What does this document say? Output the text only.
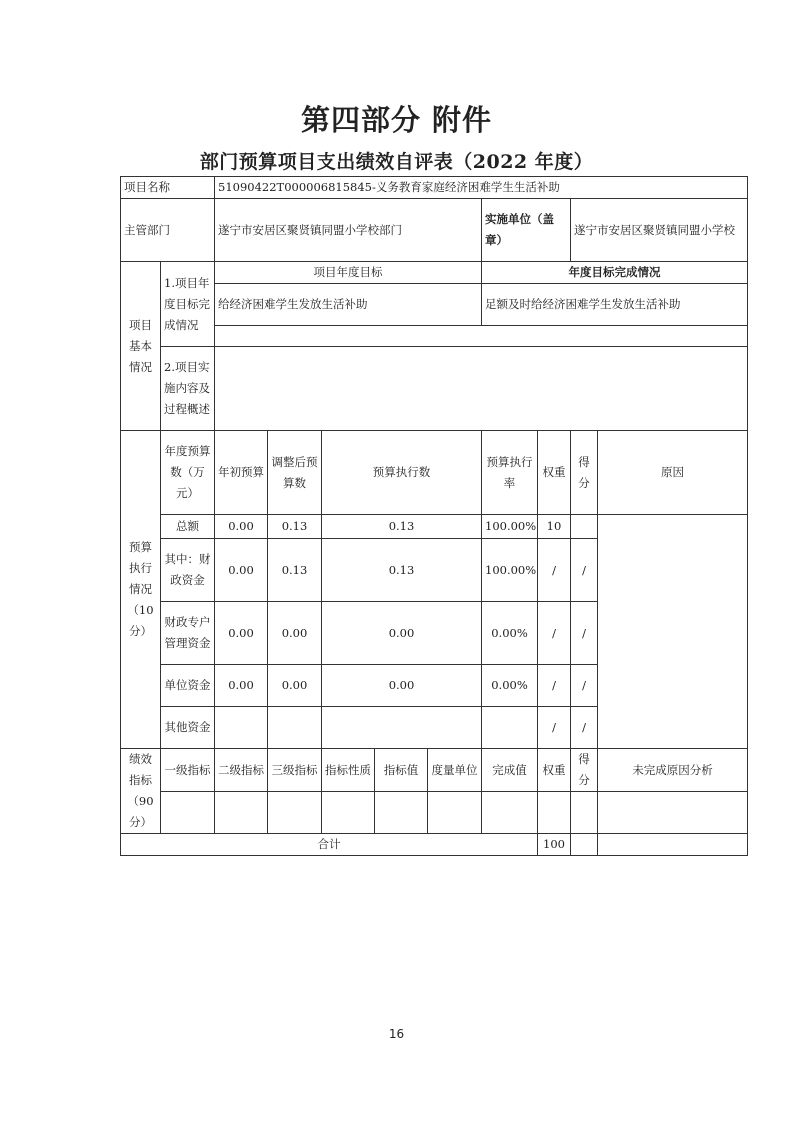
第四部分 附件
部门预算项目支出绩效自评表（2022 年度）
项目名称		51090422T000006815845-义务教育家庭经济困难学生生活补助								
主管部门		遂宁市安居区聚贤镇同盟小学校部门					实施单位（盖章）		遂宁市安居区聚贤镇同盟小学校	
项目基本情况	1.项目年度目标完成情况	项目年度目标					年度目标完成情况			
		给经济困难学生发放生活补助					足额及时给经济困难学生发放生活补助			

	2.项目实施内容及过程概述									
预算执行情况（10分）	年度预算数（万元）	年初预算	调整后预算数	预算执行数			预算执行率	权重	得分	原因
	总额	0.00	0.13	0.13			100.00%	10		
	其中：财政资金	0.00	0.13	0.13			100.00%	/	/	
	财政专户管理资金	0.00	0.00	0.00			0.00%	/	/	
	单位资金	0.00	0.00	0.00			0.00%	/	/	
	其他资金							/	/	
绩效指标（90分）	一级指标	二级指标	三级指标	指标性质	指标值	度量单位	完成值	权重	得分	未完成原因分析

合计								100		
16
